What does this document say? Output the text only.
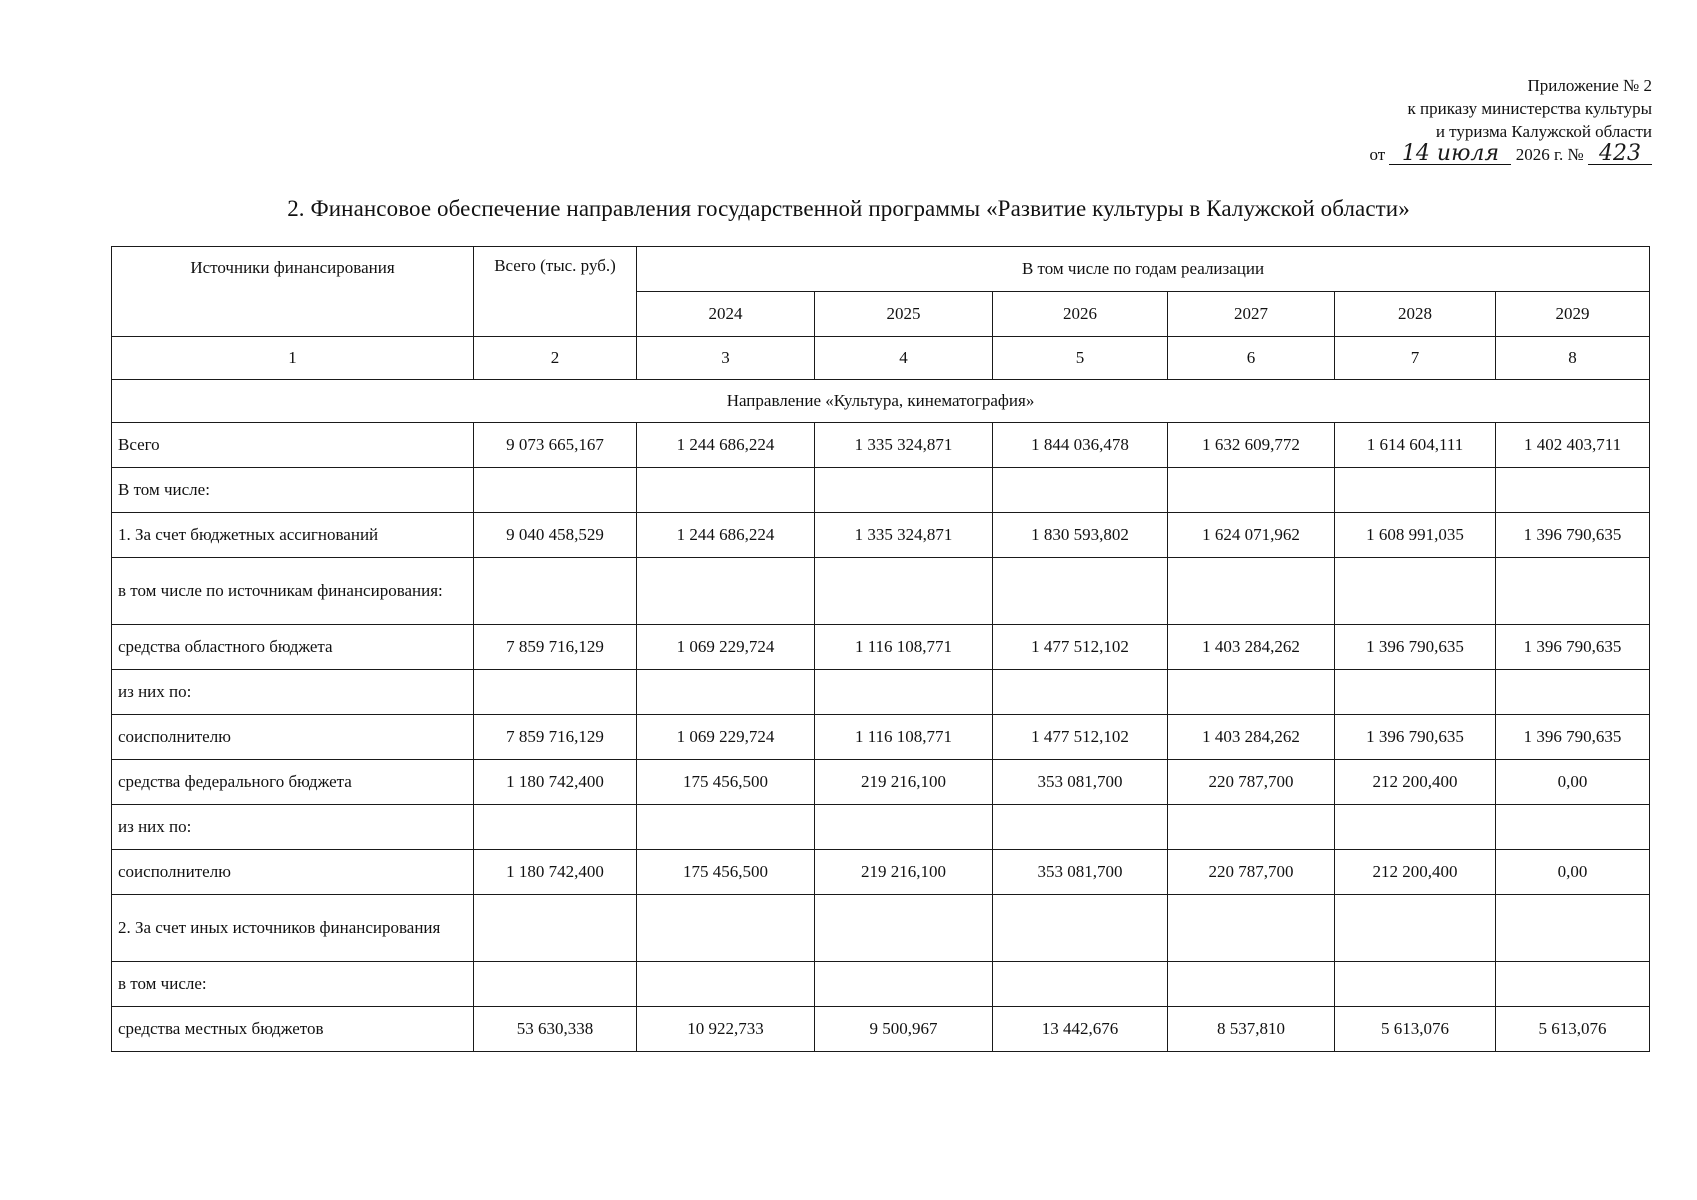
Приложение № 2
к приказу министерства культуры
и туризма Калужской области
от 14 июля 2026 г. № 423
2. Финансовое обеспечение направления государственной программы «Развитие культуры в Калужской области»
Источники финансирования	Всего (тыс. руб.)	В том числе по годам реализации					
		2024	2025	2026	2027	2028	2029
1	2	3	4	5	6	7	8
Направление «Культура, кинематография»							
Всего	9 073 665,167	1 244 686,224	1 335 324,871	1 844 036,478	1 632 609,772	1 614 604,111	1 402 403,711
В том числе:							
1. За счет бюджетных ассигнований	9 040 458,529	1 244 686,224	1 335 324,871	1 830 593,802	1 624 071,962	1 608 991,035	1 396 790,635
в том числе по источникам финансирования:							
средства областного бюджета	7 859 716,129	1 069 229,724	1 116 108,771	1 477 512,102	1 403 284,262	1 396 790,635	1 396 790,635
из них по:							
соисполнителю	7 859 716,129	1 069 229,724	1 116 108,771	1 477 512,102	1 403 284,262	1 396 790,635	1 396 790,635
средства федерального бюджета	1 180 742,400	175 456,500	219 216,100	353 081,700	220 787,700	212 200,400	0,00
из них по:							
соисполнителю	1 180 742,400	175 456,500	219 216,100	353 081,700	220 787,700	212 200,400	0,00
2. За счет иных источников финансирования							
в том числе:							
средства местных бюджетов	53 630,338	10 922,733	9 500,967	13 442,676	8 537,810	5 613,076	5 613,076
